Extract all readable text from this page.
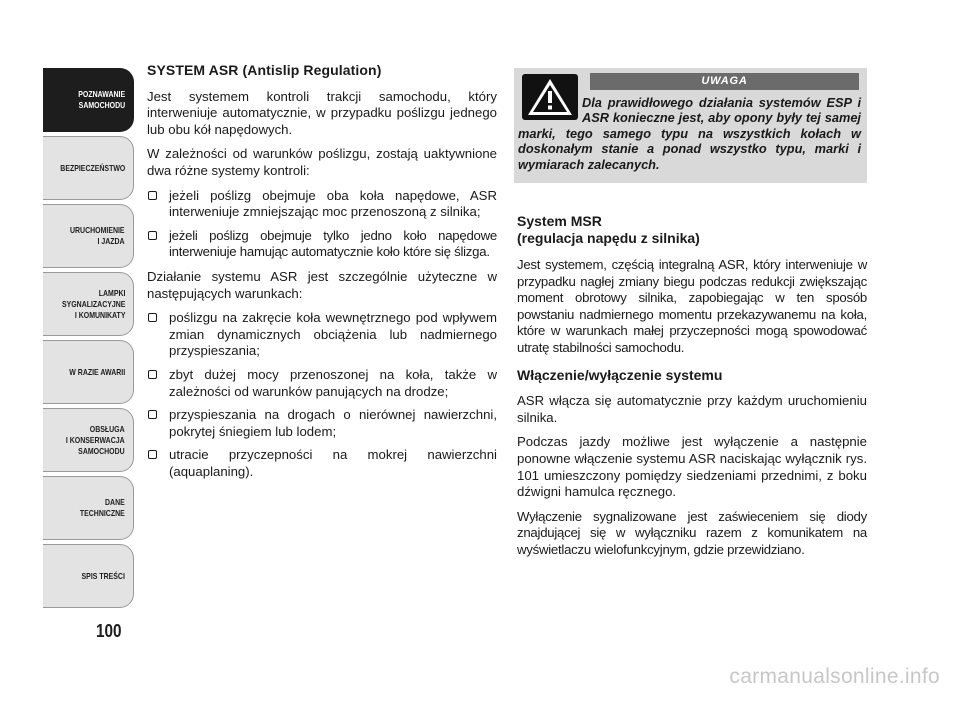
POZNAWANIE
SAMOCHODU
BEZPIECZEŃSTWO
URUCHOMIENIE
I JAZDA
LAMPKI
SYGNALIZACYJNE
I KOMUNIKATY
W RAZIE AWARII
OBSŁUGA
I KONSERWACJA
SAMOCHODU
DANE
TECHNICZNE
SPIS TREŚCI
100
SYSTEM ASR (Antislip Regulation)

Jest systemem kontroli trakcji samochodu, który interweniuje automatycznie, w przypadku poślizgu jednego lub obu kół napędowych.

W zależności od warunków poślizgu, zostają uaktywnione dwa różne systemy kontroli:

jeżeli poślizg obejmuje oba koła napędowe, ASR interweniuje zmniejszając moc przenoszoną z silnika;
jeżeli poślizg obejmuje tylko jedno koło napędowe interweniuje hamując automatycznie koło które się ślizga.

Działanie systemu ASR jest szczególnie użyteczne w następujących warunkach:

poślizgu na zakręcie koła wewnętrznego pod wpływem zmian dynamicznych obciążenia lub nadmiernego przyspieszania;
zbyt dużej mocy przenoszonej na koła, także w zależności od warunków panujących na drodze;
przyspieszania na drogach o nierównej nawierzchni, pokrytej śniegiem lub lodem;
utracie przyczepności na mokrej nawierzchni (aquaplaning).
UWAGA
Dla prawidłowego działania systemów ESP i ASR konieczne jest, aby opony były tej samej marki, tego samego typu na wszystkich kołach w doskonałym stanie a ponad wszystko typu, marki i wymiarach zalecanych.
System MSR
(regulacja napędu z silnika)

Jest systemem, częścią integralną ASR, który interweniuje w przypadku nagłej zmiany biegu podczas redukcji zwiększając moment obrotowy silnika, zapobiegając w ten sposób powstaniu nadmiernego momentu przekazywanemu na koła, które w warunkach małej przyczepności mogą spowodować utratę stabilności samochodu.

Włączenie/wyłączenie systemu

ASR włącza się automatycznie przy każdym uruchomieniu silnika.

Podczas jazdy możliwe jest wyłączenie a następnie ponowne włączenie systemu ASR naciskając wyłącznik rys. 101 umieszczony pomiędzy siedzeniami przednimi, z boku dźwigni hamulca ręcznego.

Wyłączenie sygnalizowane jest zaświeceniem się diody znajdującej się w wyłączniku razem z komunikatem na wyświetlaczu wielofunkcyjnym, gdzie przewidziano.

carmanualsonline.info
